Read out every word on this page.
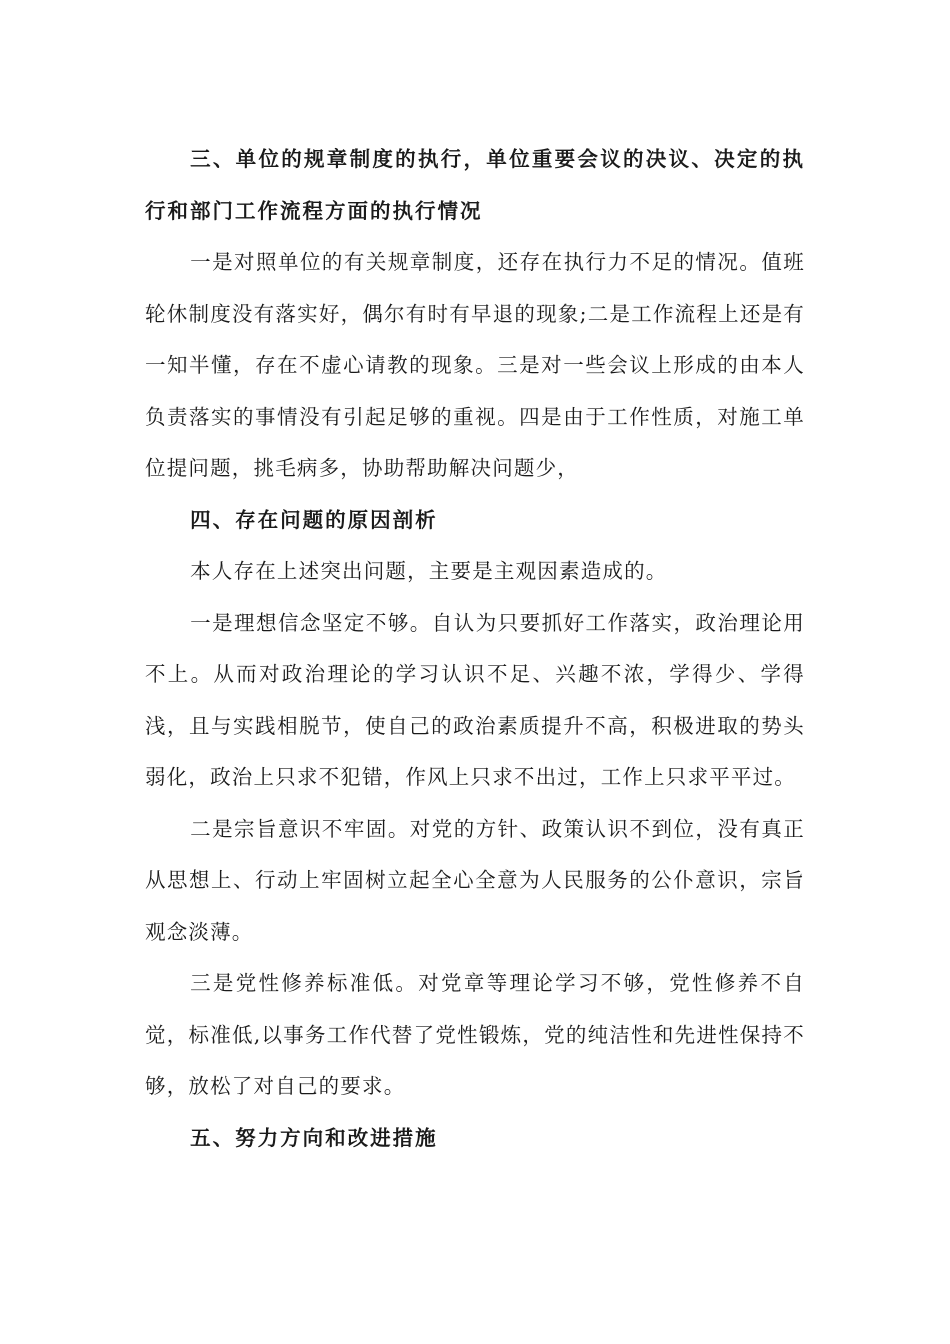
三、单位的规章制度的执行，单位重要会议的决议、决定的执行和部门工作流程方面的执行情况

一是对照单位的有关规章制度，还存在执行力不足的情况。值班轮休制度没有落实好，偶尔有时有早退的现象;二是工作流程上还是有一知半懂，存在不虚心请教的现象。三是对一些会议上形成的由本人负责落实的事情没有引起足够的重视。四是由于工作性质，对施工单位提问题，挑毛病多，协助帮助解决问题少，

四、存在问题的原因剖析

本人存在上述突出问题，主要是主观因素造成的。

一是理想信念坚定不够。自认为只要抓好工作落实，政治理论用不上。从而对政治理论的学习认识不足、兴趣不浓，学得少、学得浅，且与实践相脱节，使自己的政治素质提升不高，积极进取的势头弱化，政治上只求不犯错，作风上只求不出过，工作上只求平平过。

二是宗旨意识不牢固。对党的方针、政策认识不到位，没有真正从思想上、行动上牢固树立起全心全意为人民服务的公仆意识，宗旨观念淡薄。

三是党性修养标准低。对党章等理论学习不够，党性修养不自觉，标准低,以事务工作代替了党性锻炼，党的纯洁性和先进性保持不够，放松了对自己的要求。

五、努力方向和改进措施
